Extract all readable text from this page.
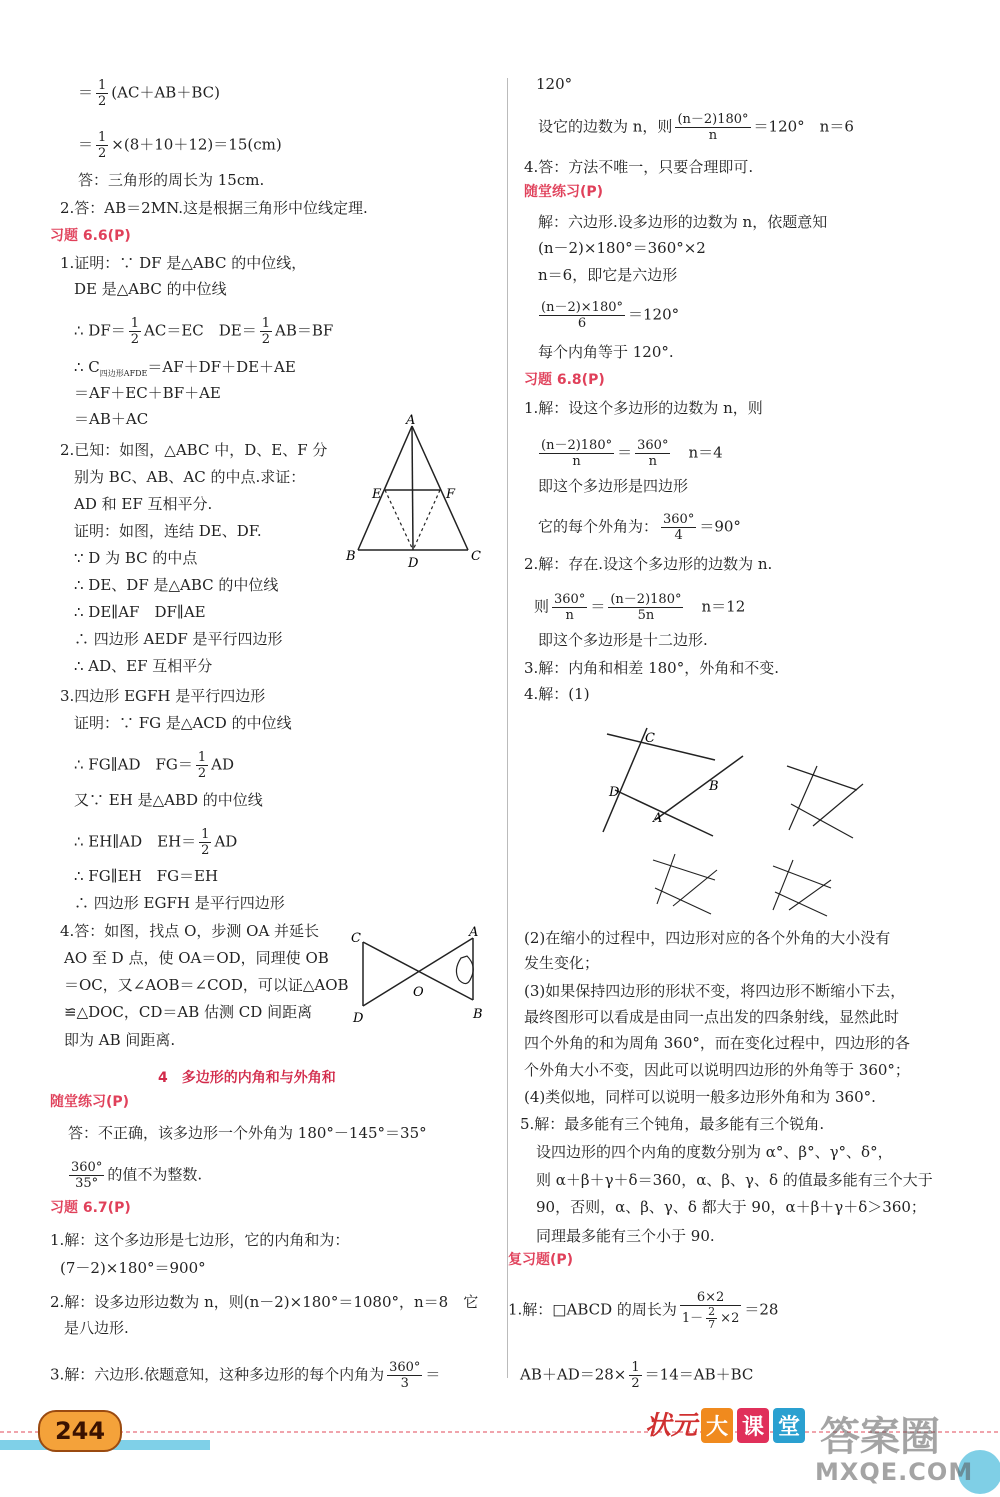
＝ $\frac{1}{2} (AC+AB+BC)$
＝ $\frac{1}{2} \times(8+10+12)=15(cm)$
答：三角形的周长为 15cm.
2.答：AB＝2MN.这是根据三角形中位线定理.
习题 6.6(P)
1.证明：∵ DF 是△ABC 的中位线，
DE 是△ABC 的中位线
∴ $DF= \frac{1}{2} AC=EC$　$DE= \frac{1}{2} AB=BF$
∴ $C_{四边形AFDE}=AF+DF+DE+AE$
＝AF＋EC＋BF＋AE
＝AB＋AC
2.已知：如图，△ABC 中，D、E、F 分
别为 BC、AB、AC 的中点.求证：
AD 和 EF 互相平分.
证明：如图，连结 DE、DF.
∵ D 为 BC 的中点
∴ DE、DF 是△ABC 的中位线
∴ DE∥AF　DF∥AE
∴ 四边形 AEDF 是平行四边形
∴ AD、EF 互相平分
3.四边形 EGFH 是平行四边形
证明：∵ FG 是△ACD 的中位线
∴ FG∥AD　$FG= \frac{1}{2}$ AD
又∵ EH 是△ABD 的中位线
∴ EH∥AD　$EH= \frac{1}{2}$ AD
∴ FG∥EH　FG＝EH
∴ 四边形 EGFH 是平行四边形
4.答：如图，找点 O，步测 OA 并延长
AO 至 D 点，使 OA＝OD，同理使 OB
＝OC，又∠AOB＝∠COD，可以证△AOB
≌△DOC，CD＝AB 估测 CD 间距离
即为 AB 间距离.
4　 多边形的内角和与外角和
随堂练习(P)
答：不正确，该多边形一个外角为 180°－145°＝35°
$\frac{360^\circ}{35^\circ}$ 的值不为整数.
习题 6.7(P)
1.解：这个多边形是七边形，它的内角和为：
(7－2)×180°＝900°
2.解：设多边形边数为 n，则(n－2)×180°＝1080°，n＝8　它
是八边形.
3.解：六边形.依题意知，这种多边形的每个内角为 $\frac{360^\circ}{3}$ ＝
A
E	F
B	D	C
C	A
O
D	B
120°
设它的边数为 n，则 $\frac{(n-2)180^\circ}{n} =120^\circ$　n＝6
4.答：方法不唯一，只要合理即可.
随堂练习(P)
解：六边形.设多边形的边数为 n，依题意知
(n－2)×180°＝360°×2
n＝6，即它是六边形
$\frac{(n-2)\times 180^\circ}{6} =120^\circ$
每个内角等于 120°.
习题 6.8(P)
1.解：设这个多边形的边数为 n，则
$\frac{(n-2)180^\circ}{n} = \frac{360^\circ}{n}$
　 n＝4
即这个多边形是四边形
它的每个外角为： $\frac{360^\circ}{4} =90^\circ$
2.解：存在.设这个多边形的边数为 n.
则 $\frac{360^\circ}{n} = \frac{(n-2)180^\circ}{5n}$
　 n＝12
即这个多边形是十二边形.
3.解：内角和相差 180°，外角和不变.
4.解：(1)
(2)在缩小的过程中，四边形对应的各个外角的大小没有
发生变化；
(3)如果保持四边形的形状不变，将四边形不断缩小下去，
最终图形可以看成是由同一点出发的四条射线，显然此时
四个外角的和为周角 360°，而在变化过程中，四边形的各
个外角大小不变，因此可以说明四边形的外角等于 360°；
(4)类似地，同样可以说明一般多边形外角和为 360°.
5.解：最多能有三个钝角，最多能有三个锐角.
设四边形的四个内角的度数分别为 α°、β°、γ°、δ°，
则 α＋β＋γ＋δ＝360，α、β、γ、δ 的值最多能有三个大于
90，否则，α、β、γ、δ 都大于 90，α＋β＋γ＋δ＞360；
同理最多能有三个小于 90.
复习题(P)
1.解：□ABCD 的周长为 $\frac{6\times 2}{1- \frac{2}{7} \times 2} =28$
$AB+AD=28\times \frac{1}{2} =14=AB+BC$
C
B
D
A
244	状元 大 课 堂 答案圈
MXQE.COM
